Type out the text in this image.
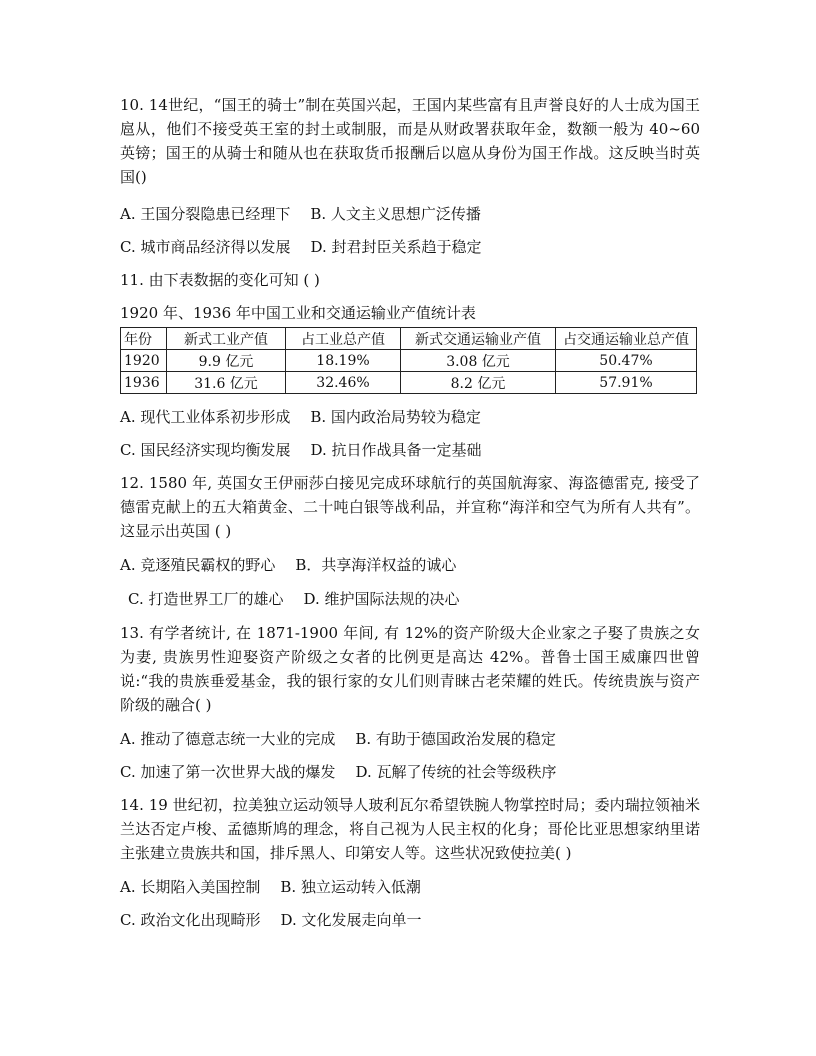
10. 14世纪，“国王的骑士”制在英国兴起，王国内某些富有且声誉良好的人士成为国王扈从，他们不接受英王室的封土或制服，而是从财政署获取年金，数额一般为 40~60 英镑；国王的从骑士和随从也在获取货币报酬后以扈从身份为国王作战。这反映当时英国()

A. 王国分裂隐患已经理下 B. 人文主义思想广泛传播

C. 城市商品经济得以发展 D. 封君封臣关系趋于稳定

11. 由下表数据的变化可知 ( )

1920 年、1936 年中国工业和交通运输业产值统计表

年份	新式工业产值	占工业总产值	新式交通运输业产值	占交通运输业总产值
1920	9.9 亿元	18.19%	3.08 亿元	50.47%
1936	31.6 亿元	32.46%	8.2 亿元	57.91%

A. 现代工业体系初步形成 B. 国内政治局势较为稳定

C. 国民经济实现均衡发展 D. 抗日作战具备一定基础

12. 1580 年, 英国女王伊丽莎白接见完成环球航行的英国航海家、海盗德雷克, 接受了德雷克献上的五大箱黄金、二十吨白银等战利品，并宣称“海洋和空气为所有人共有”。这显示出英国 ( )

A. 竞逐殖民霸权的野心 B．共享海洋权益的诚心

C. 打造世界工厂的雄心 D. 维护国际法规的决心

13. 有学者统计, 在 1871-1900 年间, 有 12%的资产阶级大企业家之子娶了贵族之女为妻, 贵族男性迎娶资产阶级之女者的比例更是高达 42%。普鲁士国王威廉四世曾说:“我的贵族垂爱基金，我的银行家的女儿们则青睐古老荣耀的姓氏。传统贵族与资产阶级的融合( )

A. 推动了德意志统一大业的完成 B. 有助于德国政治发展的稳定

C. 加速了第一次世界大战的爆发 D. 瓦解了传统的社会等级秩序

14. 19 世纪初，拉美独立运动领导人玻利瓦尔希望铁腕人物掌控时局；委内瑞拉领袖米兰达否定卢梭、孟德斯鸠的理念，将自己视为人民主权的化身；哥伦比亚思想家纳里诺主张建立贵族共和国，排斥黑人、印第安人等。这些状况致使拉美( )

A. 长期陷入美国控制 B. 独立运动转入低潮

C. 政治文化出现畸形 D. 文化发展走向单一
